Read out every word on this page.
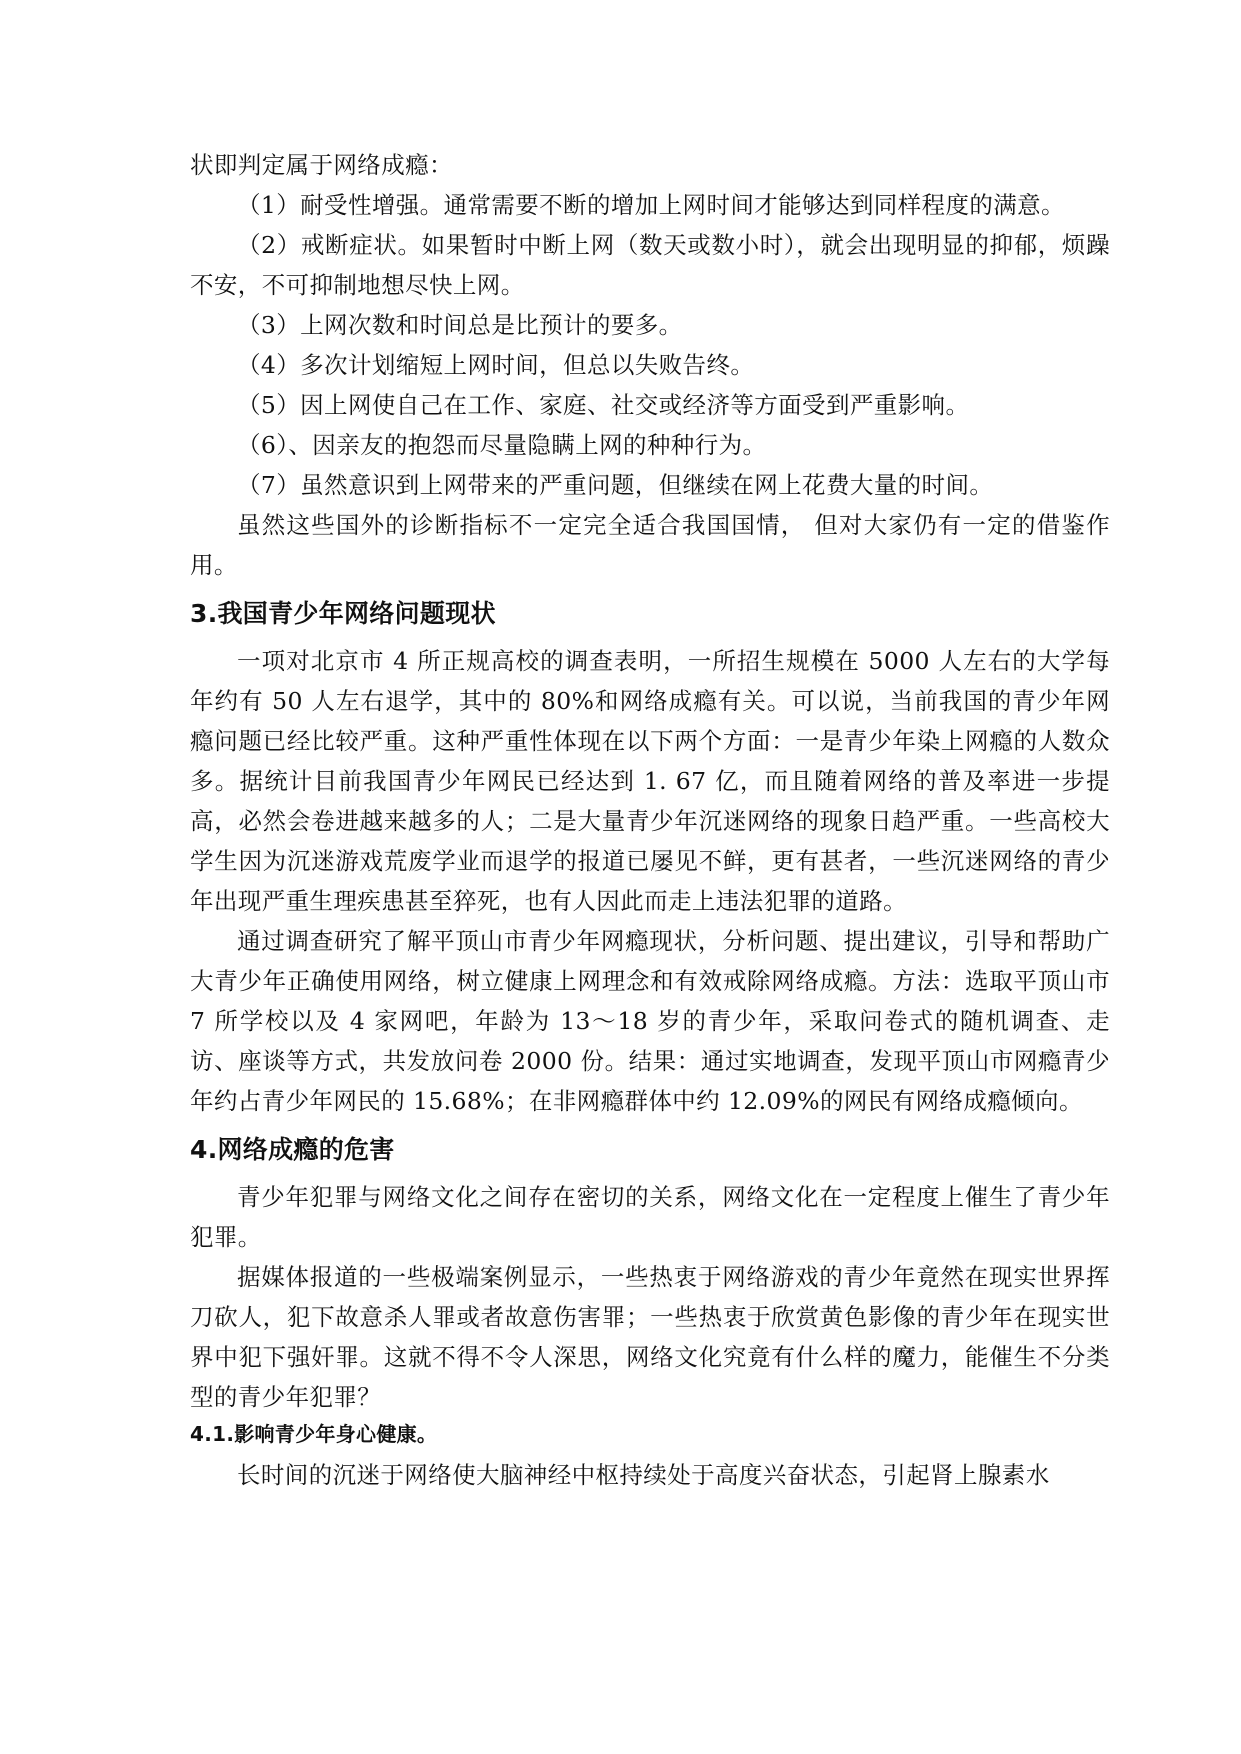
状即判定属于网络成瘾：

（1）耐受性增强。通常需要不断的增加上网时间才能够达到同样程度的满意。

（2）戒断症状。如果暂时中断上网（数天或数小时），就会出现明显的抑郁，烦躁不安，不可抑制地想尽快上网。

（3）上网次数和时间总是比预计的要多。

（4）多次计划缩短上网时间，但总以失败告终。

（5）因上网使自己在工作、家庭、社交或经济等方面受到严重影响。

（6）、因亲友的抱怨而尽量隐瞒上网的种种行为。

（7）虽然意识到上网带来的严重问题，但继续在网上花费大量的时间。

虽然这些国外的诊断指标不一定完全适合我国国情， 但对大家仍有一定的借鉴作用。

3.我国青少年网络问题现状

一项对北京市 4 所正规高校的调查表明，一所招生规模在 5000 人左右的大学每年约有 50 人左右退学，其中的 80%和网络成瘾有关。可以说，当前我国的青少年网瘾问题已经比较严重。这种严重性体现在以下两个方面：一是青少年染上网瘾的人数众多。据统计目前我国青少年网民已经达到 1. 67 亿，而且随着网络的普及率进一步提高，必然会卷进越来越多的人；二是大量青少年沉迷网络的现象日趋严重。一些高校大学生因为沉迷游戏荒废学业而退学的报道已屡见不鲜，更有甚者，一些沉迷网络的青少年出现严重生理疾患甚至猝死，也有人因此而走上违法犯罪的道路。

通过调查研究了解平顶山市青少年网瘾现状，分析问题、提出建议，引导和帮助广大青少年正确使用网络，树立健康上网理念和有效戒除网络成瘾。方法：选取平顶山市 7 所学校以及 4 家网吧，年龄为 13～18 岁的青少年，采取问卷式的随机调查、走访、座谈等方式，共发放问卷 2000 份。结果：通过实地调查，发现平顶山市网瘾青少年约占青少年网民的 15.68%；在非网瘾群体中约 12.09%的网民有网络成瘾倾向。

4.网络成瘾的危害

青少年犯罪与网络文化之间存在密切的关系，网络文化在一定程度上催生了青少年犯罪。

据媒体报道的一些极端案例显示，一些热衷于网络游戏的青少年竟然在现实世界挥刀砍人，犯下故意杀人罪或者故意伤害罪；一些热衷于欣赏黄色影像的青少年在现实世界中犯下强奸罪。这就不得不令人深思，网络文化究竟有什么样的魔力，能催生不分类型的青少年犯罪？

4.1.影响青少年身心健康。

长时间的沉迷于网络使大脑神经中枢持续处于高度兴奋状态，引起肾上腺素水
